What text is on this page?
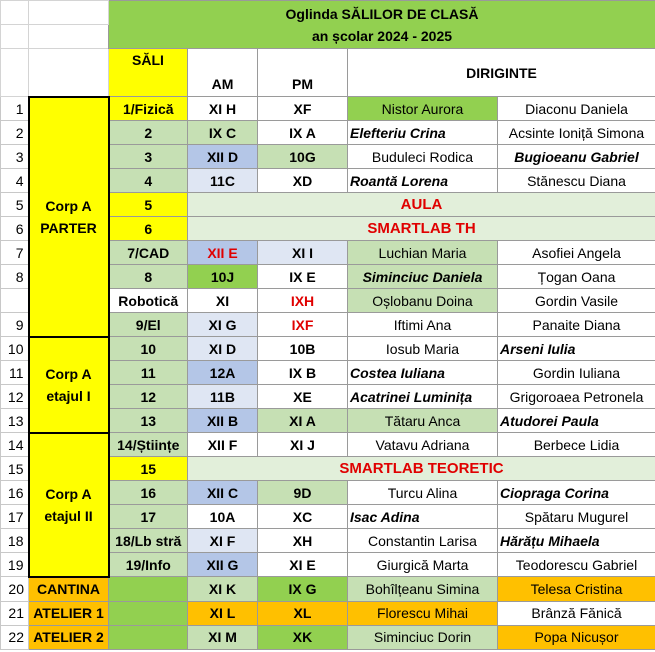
		Oglinda SĂLILOR DE CLASĂ
an școlar 2024 - 2025				

		SĂLI	AM	PM	DIRIGINTE	
1	Corp A PARTER	1/Fizică	XI H	XF	Nistor Aurora	Diaconu Daniela
2		2	IX C	IX A	Elefteriu Crina	Acsinte Ioniță Simona
3		3	XII D	10G	Buduleci Rodica	Bugioeanu Gabriel
4		4	11C	XD	Roantă Lorena	Stănescu Diana
5		5	AULA			
6		6	SMARTLAB TH			
7		7/CAD	XII E	XI I	Luchian Maria	Asofiei Angela
8		8	10J	IX E	Siminciuc Daniela	Țogan Oana
		Robotică	XI	IXH	Oșlobanu Doina	Gordin Vasile
9		9/El	XI G	IXF	Iftimi Ana	Panaite Diana
10	Corp A etajul I	10	XI D	10B	Iosub Maria	Arseni Iulia
11		11	12A	IX B	Costea Iuliana	Gordin Iuliana
12		12	11B	XE	Acatrinei Luminița	Grigoroaea Petronela
13		13	XII B	XI A	Tătaru Anca	Atudorei Paula
14	Corp A etajul II	14/Științe	XII F	XI J	Vatavu Adriana	Berbece Lidia
15		15	SMARTLAB TEORETIC			
16		16	XII C	9D	Turcu Alina	Ciopraga Corina
17		17	10A	XC	Isac Adina	Spătaru Mugurel
18		18/Lb stră	XI F	XH	Constantin Larisa	Hărățu Mihaela
19		19/Info	XII G	XI E	Giurgică Marta	Teodorescu Gabriel
20	CANTINA		XI K	IX G	Bohîlțeanu Simina	Telesa Cristina
21	ATELIER 1		XI L	XL	Florescu Mihai	Brânză Fănică
22	ATELIER 2		XI M	XK	Siminciuc Dorin	Popa Nicușor
